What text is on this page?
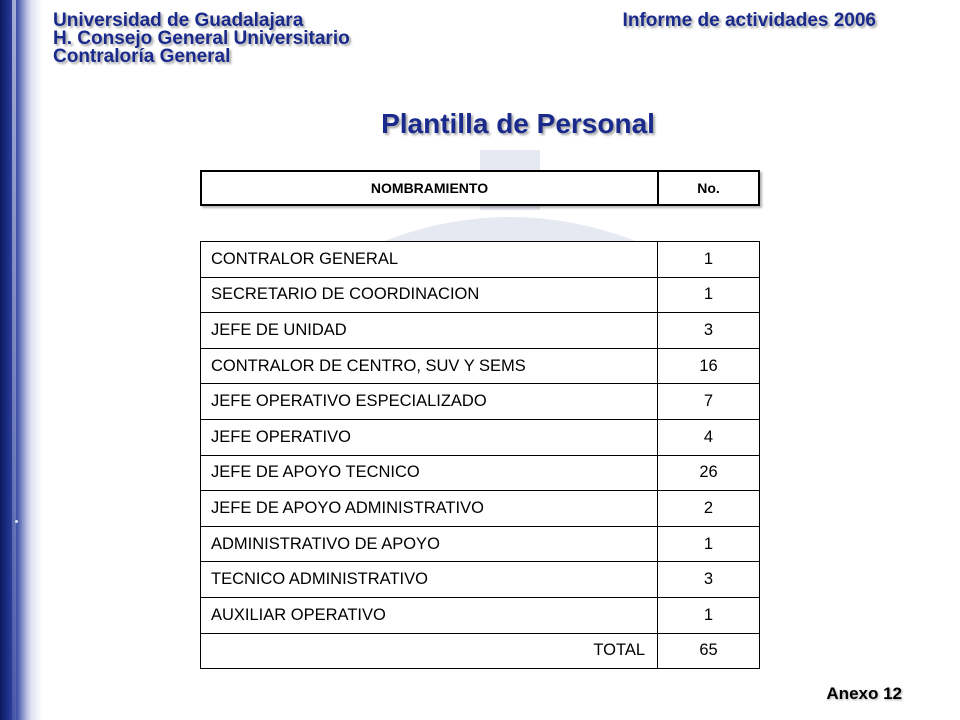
Universidad de Guadalajara
H. Consejo General Universitario
Contraloría General
Informe de actividades 2006
Plantilla de Personal
NOMBRAMIENTO	No.
CONTRALOR GENERAL	1
SECRETARIO DE COORDINACION	1
JEFE DE UNIDAD	3
CONTRALOR DE CENTRO, SUV Y SEMS	16
JEFE OPERATIVO ESPECIALIZADO	7
JEFE OPERATIVO	4
JEFE DE APOYO TECNICO	26
JEFE DE APOYO ADMINISTRATIVO	2
ADMINISTRATIVO DE APOYO	1
TECNICO ADMINISTRATIVO	3
AUXILIAR OPERATIVO	1
TOTAL	65
Anexo 12
